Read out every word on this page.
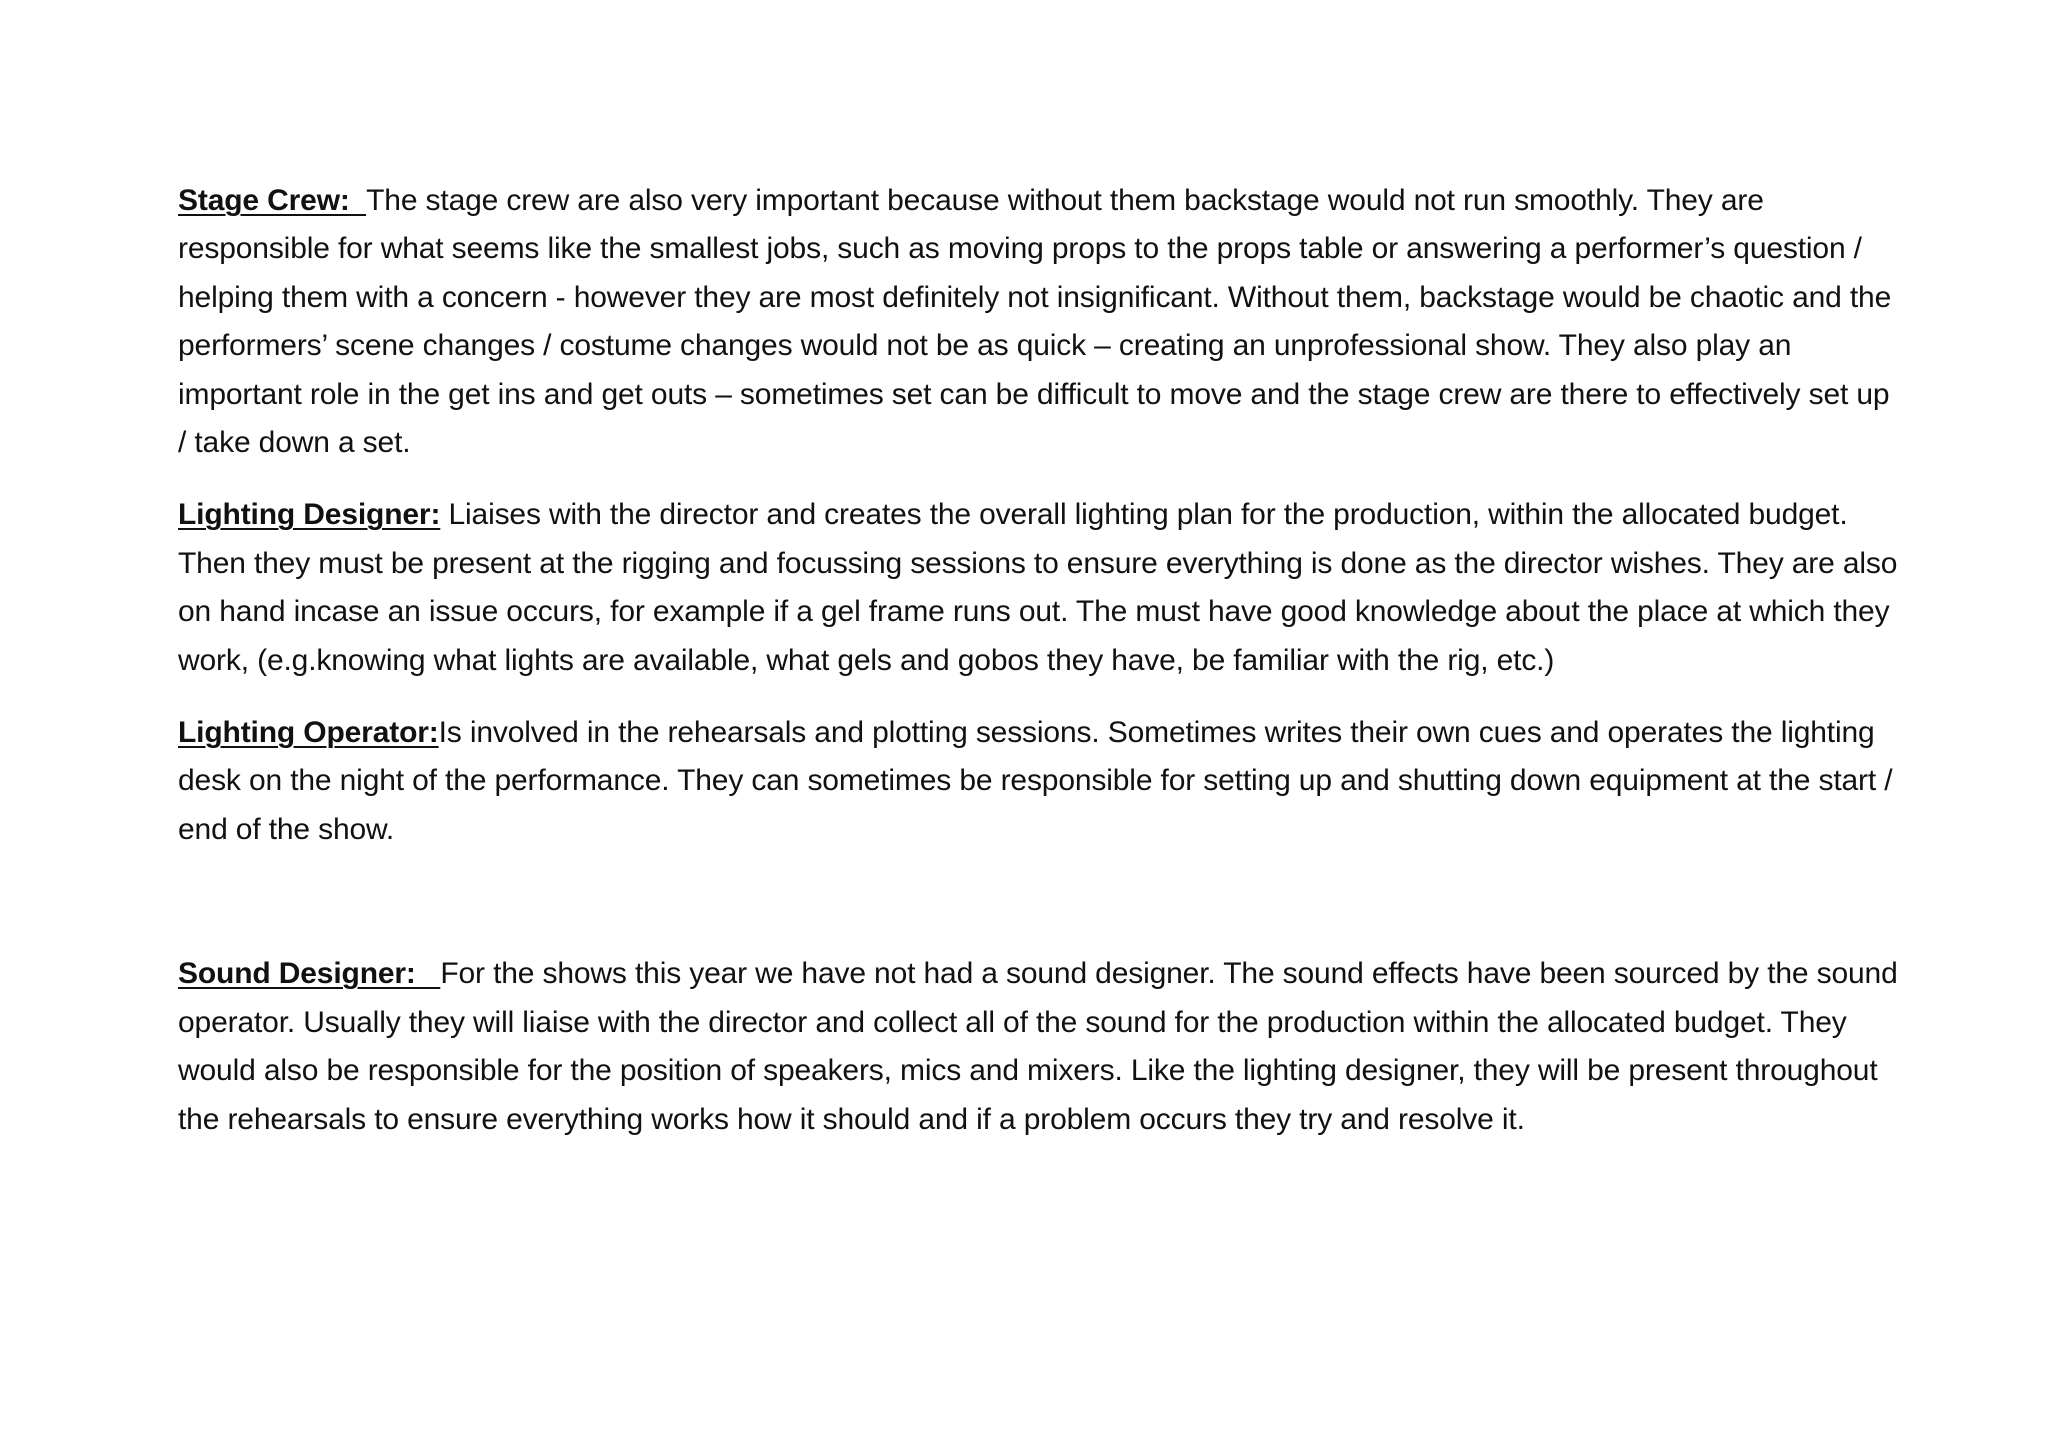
Stage Crew:  The stage crew are also very important because without them backstage would not run smoothly. They are responsible for what seems like the smallest jobs, such as moving props to the props table or answering a performer’s question / helping them with a concern - however they are most definitely not insignificant. Without them, backstage would be chaotic and the performers’ scene changes / costume changes would not be as quick – creating an unprofessional show. They also play an important role in the get ins and get outs – sometimes set can be difficult to move and the stage crew are there to effectively set up / take down a set.

Lighting Designer: Liaises with the director and creates the overall lighting plan for the production, within the allocated budget. Then they must be present at the rigging and focussing sessions to ensure everything is done as the director wishes. They are also on hand incase an issue occurs, for example if a gel frame runs out. The must have good knowledge about the place at which they work, (e.g.knowing what lights are available, what gels and gobos they have, be familiar with the rig, etc.)

Lighting Operator:Is involved in the rehearsals and plotting sessions. Sometimes writes their own cues and operates the lighting desk on the night of the performance. They can sometimes be responsible for setting up and shutting down equipment at the start / end of the show.

Sound Designer:   For the shows this year we have not had a sound designer. The sound effects have been sourced by the sound operator. Usually they will liaise with the director and collect all of the sound for the production within the allocated budget. They would also be responsible for the position of speakers, mics and mixers. Like the lighting designer, they will be present throughout the rehearsals to ensure everything works how it should and if a problem occurs they try and resolve it.
